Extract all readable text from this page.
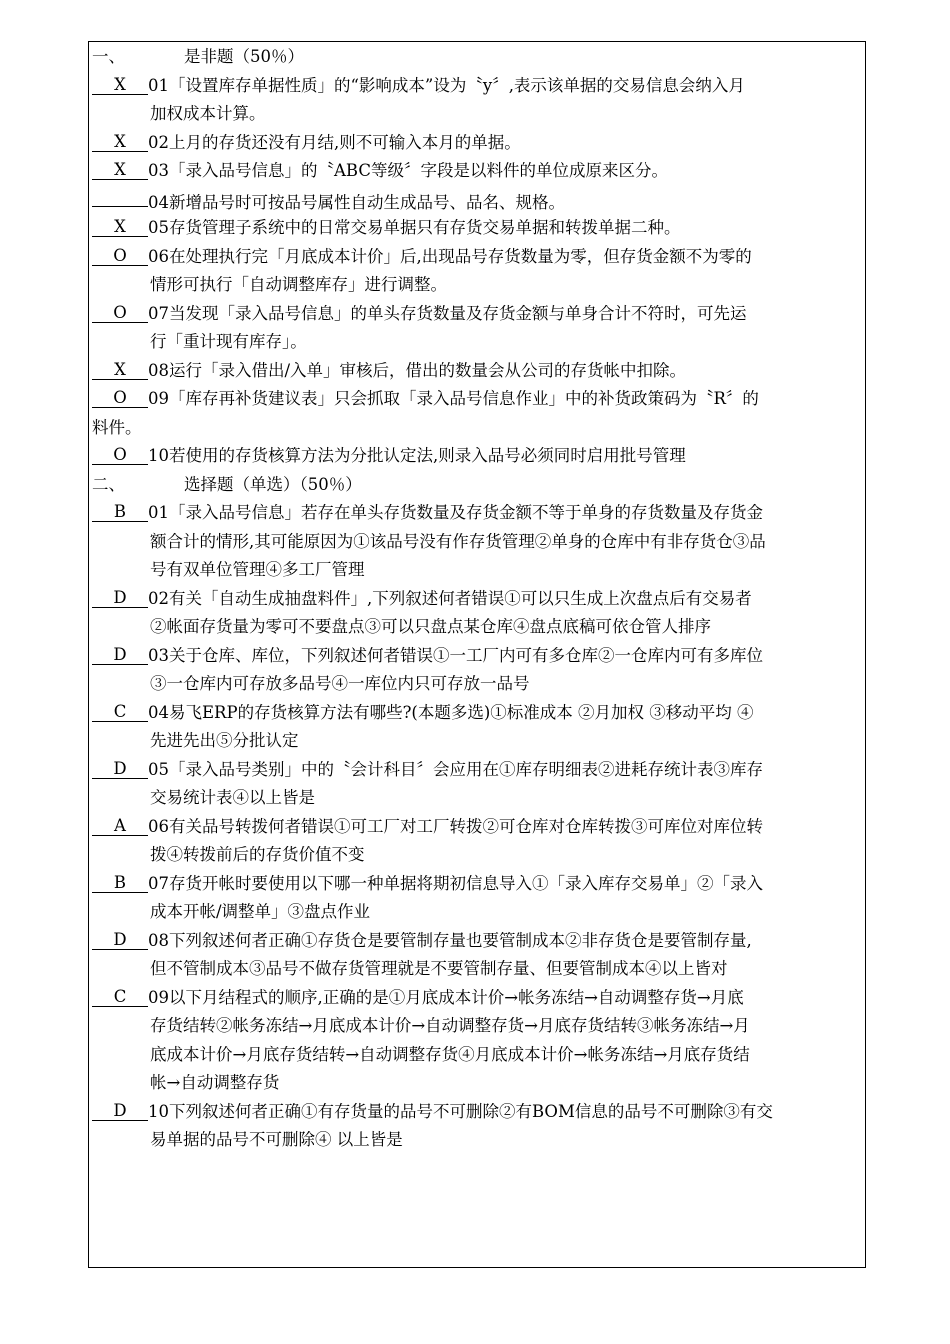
一、	是非题（50％）
X 01「设置库存单据性质」的“影响成本”设为〝y〞,表示该单据的交易信息会纳入月
加权成本计算。
X 02上月的存货还没有月结,则不可输入本月的单据。
X 03「录入品号信息」的〝ABC等级〞字段是以料件的单位成原来区分。
04新增品号时可按品号属性自动生成品号、品名、规格。
X 05存货管理子系统中的日常交易单据只有存货交易单据和转拨单据二种。
O 06在处理执行完「月底成本计价」后,出现品号存货数量为零，但存货金额不为零的
情形可执行「自动调整库存」进行调整。
O 07当发现「录入品号信息」的单头存货数量及存货金额与单身合计不符时，可先运
行「重计现有库存」。
X 08运行「录入借出/入单」审核后，借出的数量会从公司的存货帐中扣除。
O 09「库存再补货建议表」只会抓取「录入品号信息作业」中的补货政策码为〝R〞的
料件。
O 10若使用的存货核算方法为分批认定法,则录入品号必须同时启用批号管理
二、	选择题（单选）（50％）
B 01「录入品号信息」若存在单头存货数量及存货金额不等于单身的存货数量及存货金
额合计的情形,其可能原因为①该品号没有作存货管理②单身的仓库中有非存货仓③品
号有双单位管理④多工厂管理
D 02有关「自动生成抽盘料件」,下列叙述何者错误①可以只生成上次盘点后有交易者
②帐面存货量为零可不要盘点③可以只盘点某仓库④盘点底稿可依仓管人排序
D 03关于仓库、库位，下列叙述何者错误①一工厂内可有多仓库②一仓库内可有多库位
③一仓库内可存放多品号④一库位内只可存放一品号
C 04易飞ERP的存货核算方法有哪些?(本题多选)①标准成本 ②月加权 ③移动平均 ④
先进先出⑤分批认定
D 05「录入品号类别」中的〝会计科目〞会应用在①库存明细表②进耗存统计表③库存
交易统计表④以上皆是
A 06有关品号转拨何者错误①可工厂对工厂转拨②可仓库对仓库转拨③可库位对库位转
拨④转拨前后的存货价值不变
B 07存货开帐时要使用以下哪一种单据将期初信息导入①「录入库存交易单」②「录入
成本开帐/调整单」③盘点作业
D 08下列叙述何者正确①存货仓是要管制存量也要管制成本②非存货仓是要管制存量,
但不管制成本③品号不做存货管理就是不要管制存量、但要管制成本④以上皆对
C 09以下月结程式的顺序,正确的是①月底成本计价→帐务冻结→自动调整存货→月底
存货结转②帐务冻结→月底成本计价→自动调整存货→月底存货结转③帐务冻结→月
底成本计价→月底存货结转→自动调整存货④月底成本计价→帐务冻结→月底存货结
帐→自动调整存货
D 10下列叙述何者正确①有存货量的品号不可删除②有BOM信息的品号不可删除③有交
易单据的品号不可删除④ 以上皆是
